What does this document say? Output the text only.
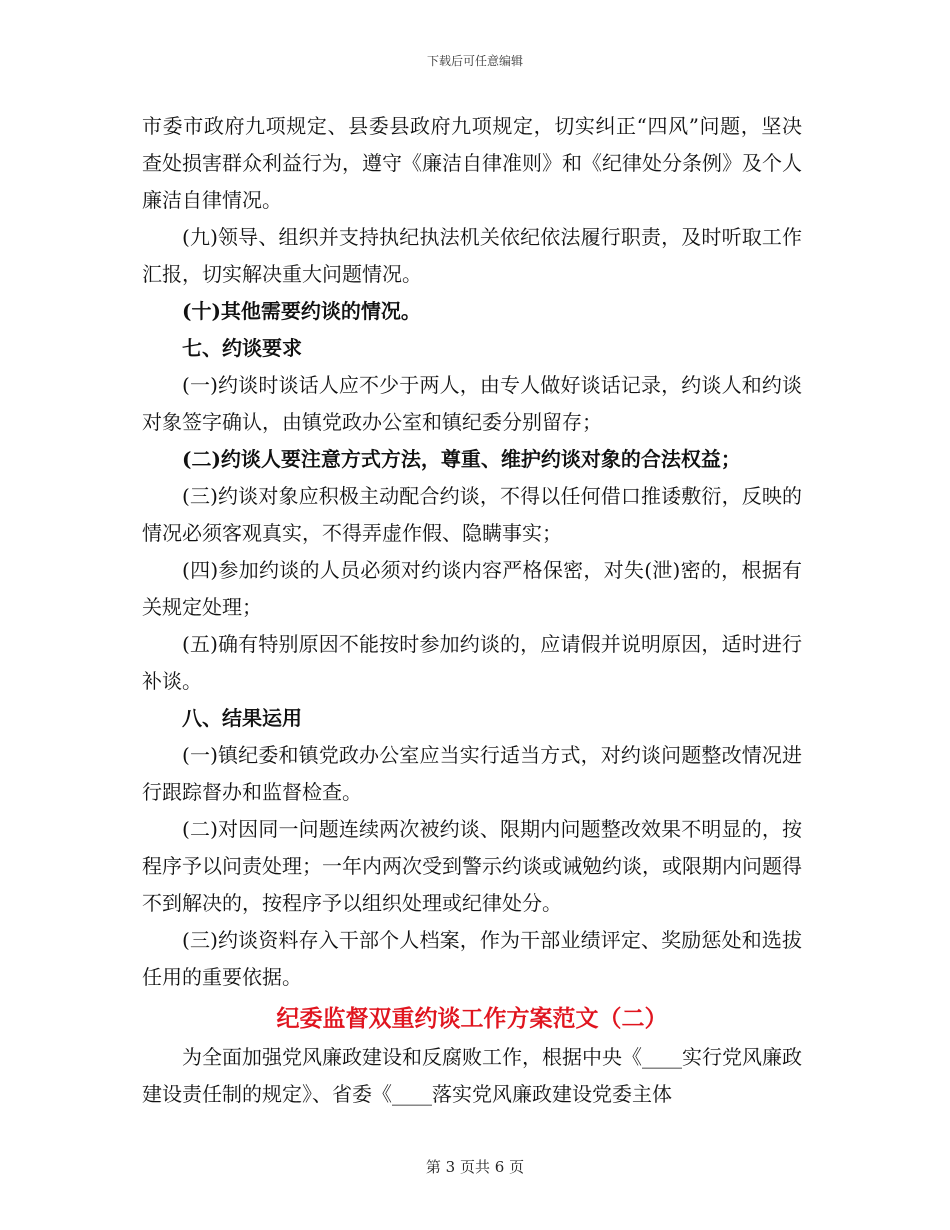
下载后可任意编辑

市委市政府九项规定、县委县政府九项规定，切实纠正“四风”问题，坚决查处损害群众利益行为，遵守《廉洁自律准则》和《纪律处分条例》及个人廉洁自律情况。

(九)领导、组织并支持执纪执法机关依纪依法履行职责，及时听取工作汇报，切实解决重大问题情况。

(十)其他需要约谈的情况。

七、约谈要求

(一)约谈时谈话人应不少于两人，由专人做好谈话记录，约谈人和约谈对象签字确认，由镇党政办公室和镇纪委分别留存；

(二)约谈人要注意方式方法，尊重、维护约谈对象的合法权益；

(三)约谈对象应积极主动配合约谈，不得以任何借口推诿敷衍，反映的情况必须客观真实，不得弄虚作假、隐瞒事实；

(四)参加约谈的人员必须对约谈内容严格保密，对失(泄)密的，根据有关规定处理；

(五)确有特别原因不能按时参加约谈的，应请假并说明原因，适时进行补谈。

八、结果运用

(一)镇纪委和镇党政办公室应当实行适当方式，对约谈问题整改情况进行跟踪督办和监督检查。

(二)对因同一问题连续两次被约谈、限期内问题整改效果不明显的，按程序予以问责处理；一年内两次受到警示约谈或诫勉约谈，或限期内问题得不到解决的，按程序予以组织处理或纪律处分。

(三)约谈资料存入干部个人档案，作为干部业绩评定、奖励惩处和选拔任用的重要依据。

纪委监督双重约谈工作方案范文（二）

为全面加强党风廉政建设和反腐败工作，根据中央《____实行党风廉政建设责任制的规定》、省委《____落实党风廉政建设党委主体

第 3 页共 6 页
